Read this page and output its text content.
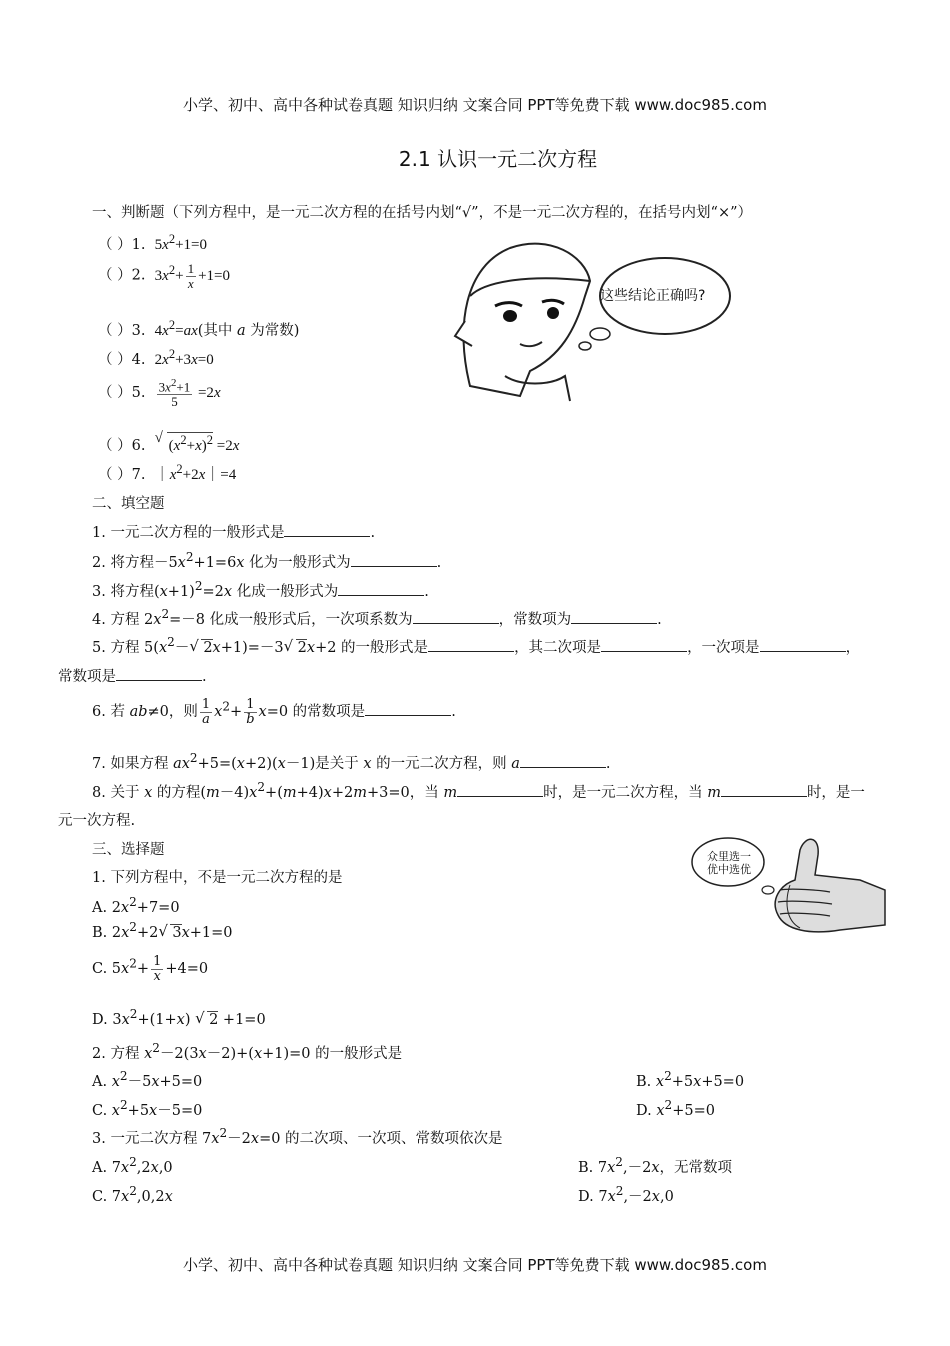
小学、初中、高中各种试卷真题 知识归纳 文案合同 PPT等免费下载 www.doc985.com
2.1 认识一元二次方程
一、判断题（下列方程中，是一元二次方程的在括号内划“√”，不是一元二次方程的，在括号内划“×”）
（ ）1.  $5x^2+1=0$
（ ）2.  $3x^2+ \frac{1}{x} +1=0$
（ ）3.  $4x^2=ax$(其中 a 为常数)
（ ）4.  $2x^2+3x=0$
（ ）5. $\frac{3x^2+1}{5} =2x$
（ ）6.  √ $(x^2+x)^2 =2x$
（ ）7.  $|x^2+2x|=4$
这些结论正确吗?
二、填空题
1. 一元二次方程的一般形式是	.
2. 将方程$-5x^2+1=6x$ 化为一般形式为	.
3. 将方程$(x+1)^2=2x$ 化成一般形式为	.
4. 方程 $2x^2=-8$ 化成一般形式后，一次项系数为	，常数项为	.
5. 方程 $5(x^2-√$ 2x+1)=－3√ 2x+2 的一般形式是	，其二次项是	，一次项是	，
常数项是	.
6. 若 ab≠0，则 $\frac{1}{a} x^2+ \frac{1}{b} x=0$ 的常数项是	.
7. 如果方程 $ax^2+5=(x+2)(x-1)$是关于 x 的一元二次方程，则 a	.
8. 关于 x 的方程$(m-4)x^2+(m+4)x+2m+3=0$，当 m	时，是一元二次方程，当 m	时，是一
元一次方程.
三、选择题	众里选一 优中选优
1. 下列方程中，不是一元二次方程的是
A. $2x^2+7=0$
B. $2x^2+2√$ 3x+1=0
C. $5x^2+ \frac{1}{x} +4=0$
D. $3x^2+(1+x)$ √ 2 +1=0
2. 方程 $x^2-2(3x-2)+(x+1)=0$ 的一般形式是
A. $x^2-5x+5=0$	B. $x^2+5x+5=0$
C. $x^2+5x-5=0$	D. $x^2+5=0$
3. 一元二次方程 $7x^2-2x=0$ 的二次项、一次项、常数项依次是
A. $7x^2,2x,0$	B. $7x^2,-2x$，无常数项
C. $7x^2,0,2x$	D. $7x^2,-2x,0$
小学、初中、高中各种试卷真题 知识归纳 文案合同 PPT等免费下载 www.doc985.com
